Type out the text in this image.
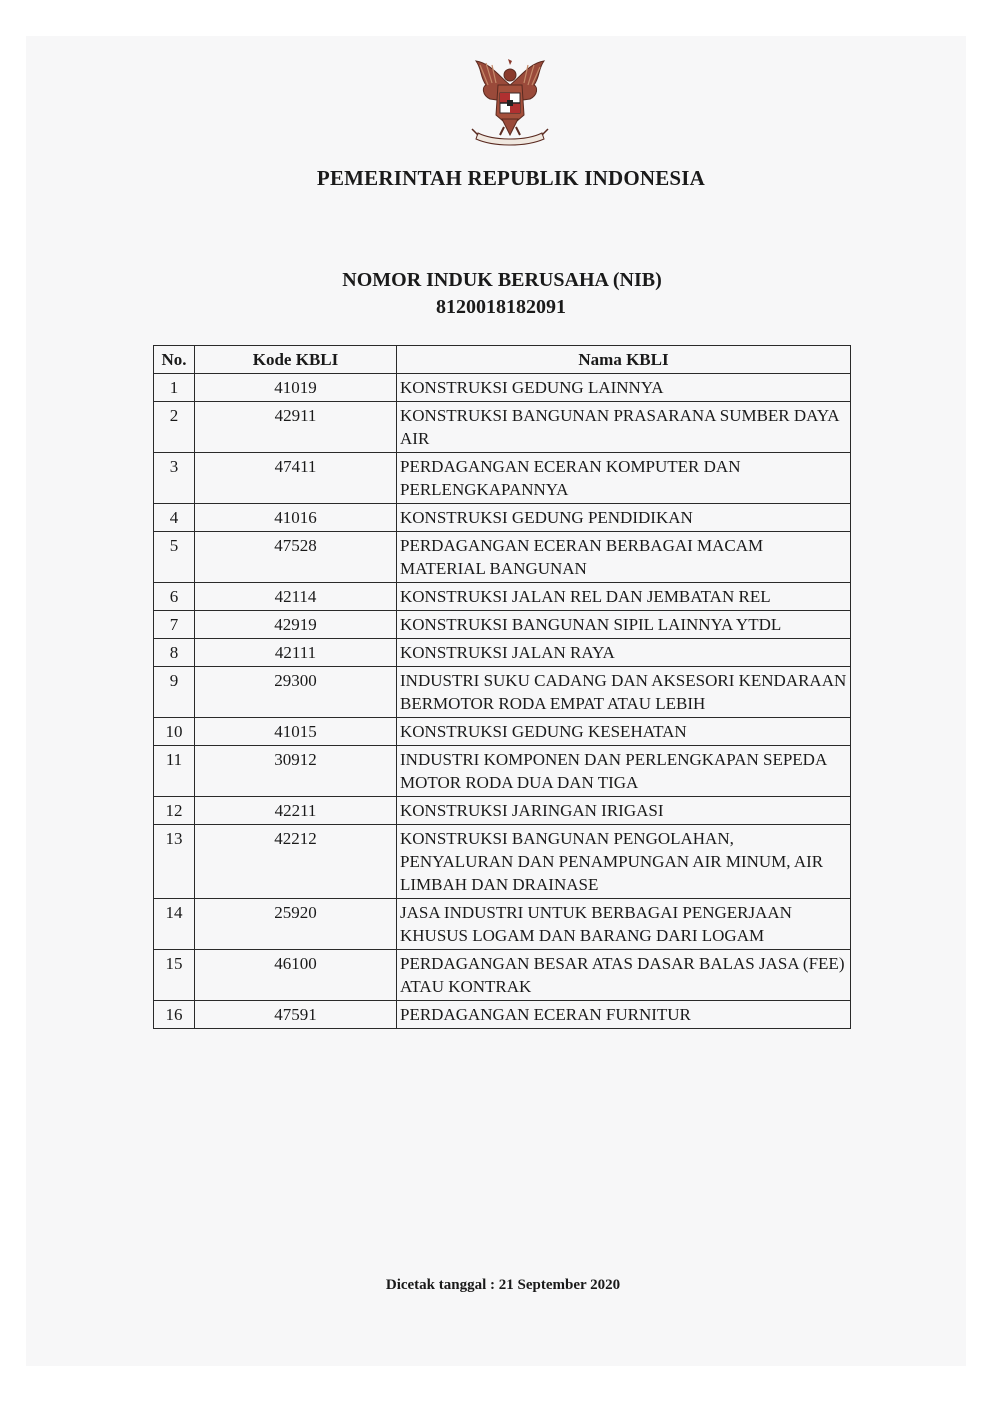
PEMERINTAH REPUBLIK INDONESIA
NOMOR INDUK BERUSAHA (NIB)
8120018182091
No.	Kode KBLI	Nama KBLI
1	41019	KONSTRUKSI GEDUNG LAINNYA
2	42911	KONSTRUKSI BANGUNAN PRASARANA SUMBER DAYA AIR
3	47411	PERDAGANGAN ECERAN KOMPUTER DAN PERLENGKAPANNYA
4	41016	KONSTRUKSI GEDUNG PENDIDIKAN
5	47528	PERDAGANGAN ECERAN BERBAGAI MACAM MATERIAL BANGUNAN
6	42114	KONSTRUKSI JALAN REL DAN JEMBATAN REL
7	42919	KONSTRUKSI BANGUNAN SIPIL LAINNYA YTDL
8	42111	KONSTRUKSI JALAN RAYA
9	29300	INDUSTRI SUKU CADANG DAN AKSESORI KENDARAAN BERMOTOR RODA EMPAT ATAU LEBIH
10	41015	KONSTRUKSI GEDUNG KESEHATAN
11	30912	INDUSTRI KOMPONEN DAN PERLENGKAPAN SEPEDA MOTOR RODA DUA DAN TIGA
12	42211	KONSTRUKSI JARINGAN IRIGASI
13	42212	KONSTRUKSI BANGUNAN PENGOLAHAN, PENYALURAN DAN PENAMPUNGAN AIR MINUM, AIR LIMBAH DAN DRAINASE
14	25920	JASA INDUSTRI UNTUK BERBAGAI PENGERJAAN KHUSUS LOGAM DAN BARANG DARI LOGAM
15	46100	PERDAGANGAN BESAR ATAS DASAR BALAS JASA (FEE) ATAU KONTRAK
16	47591	PERDAGANGAN ECERAN FURNITUR
Dicetak tanggal : 21 September 2020
